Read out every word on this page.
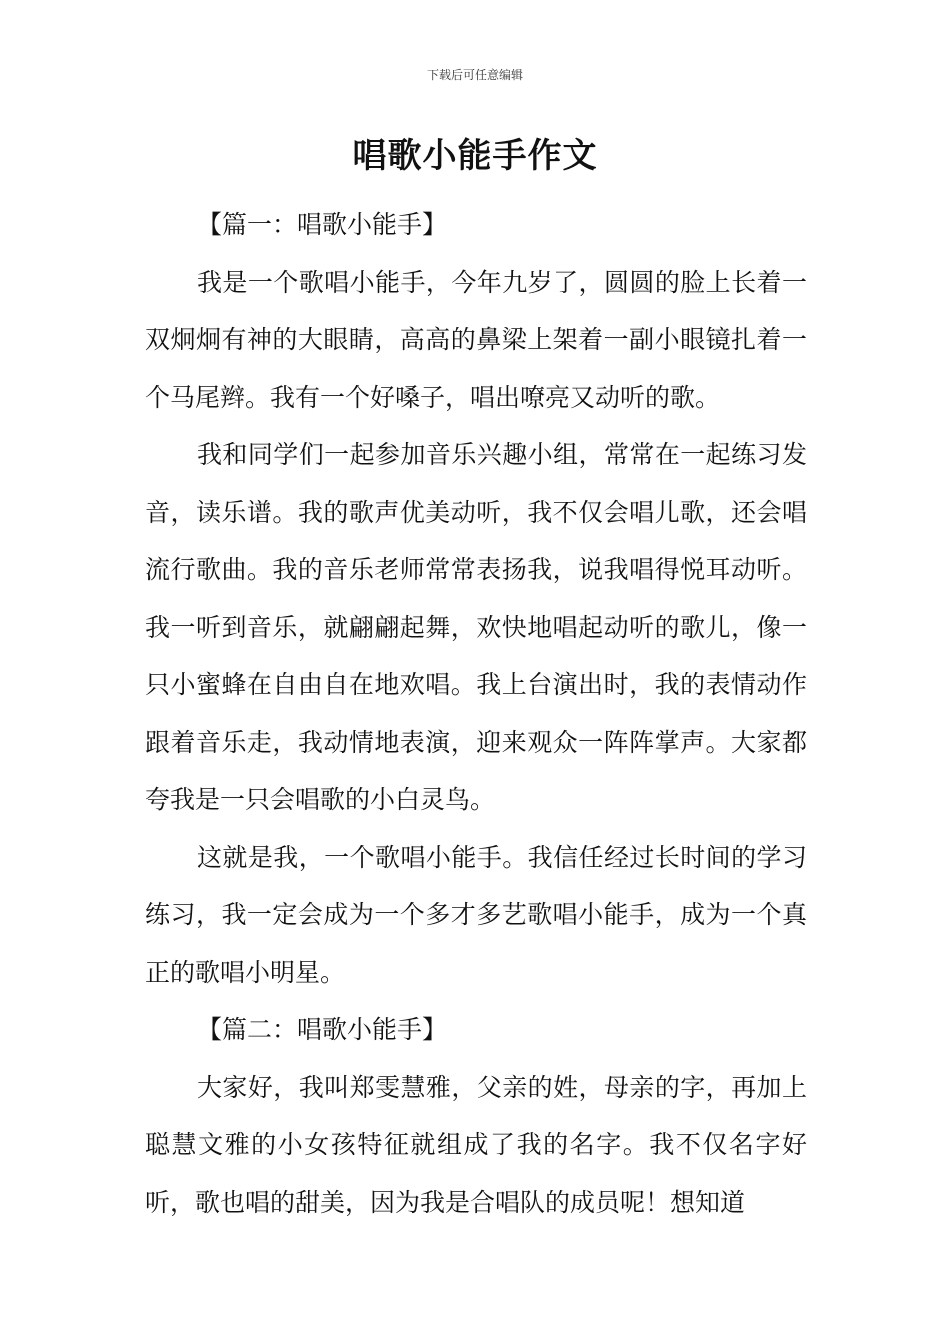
下载后可任意编辑
唱歌小能手作文

【篇一：唱歌小能手】

我是一个歌唱小能手，今年九岁了，圆圆的脸上长着一双炯炯有神的大眼睛，高高的鼻梁上架着一副小眼镜扎着一个马尾辫。我有一个好嗓子，唱出嘹亮又动听的歌。

我和同学们一起参加音乐兴趣小组，常常在一起练习发音，读乐谱。我的歌声优美动听，我不仅会唱儿歌，还会唱流行歌曲。我的音乐老师常常表扬我，说我唱得悦耳动听。我一听到音乐，就翩翩起舞，欢快地唱起动听的歌儿，像一只小蜜蜂在自由自在地欢唱。我上台演出时，我的表情动作跟着音乐走，我动情地表演，迎来观众一阵阵掌声。大家都夸我是一只会唱歌的小白灵鸟。

这就是我，一个歌唱小能手。我信任经过长时间的学习练习，我一定会成为一个多才多艺歌唱小能手，成为一个真正的歌唱小明星。

【篇二：唱歌小能手】

大家好，我叫郑雯慧雅，父亲的姓，母亲的字，再加上聪慧文雅的小女孩特征就组成了我的名字。我不仅名字好听，歌也唱的甜美，因为我是合唱队的成员呢！想知道
